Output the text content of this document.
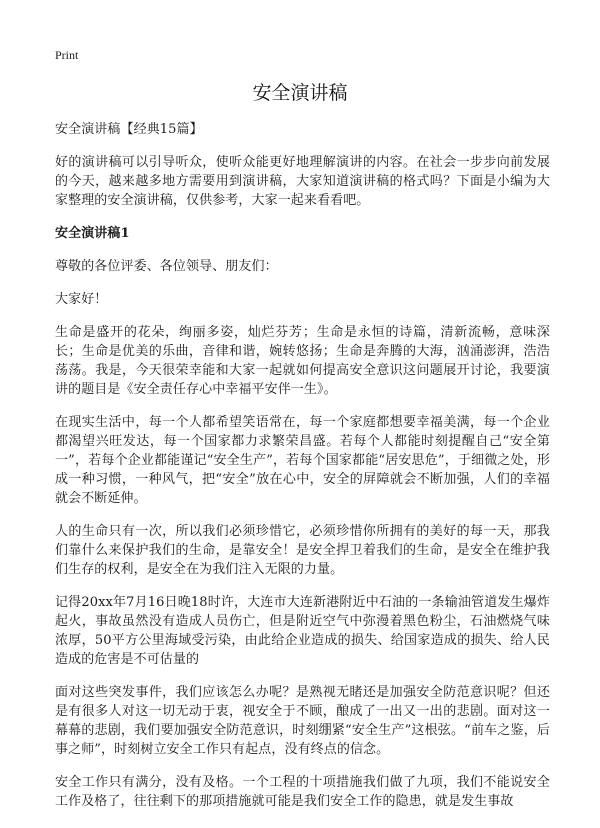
Print
安全演讲稿

安全演讲稿【经典15篇】

好的演讲稿可以引导听众，使听众能更好地理解演讲的内容。在社会一步步向前发展的今天，越来越多地方需要用到演讲稿，大家知道演讲稿的格式吗？下面是小编为大家整理的安全演讲稿，仅供参考，大家一起来看看吧。

安全演讲稿1

尊敬的各位评委、各位领导、朋友们：

大家好！

生命是盛开的花朵，绚丽多姿，灿烂芬芳；生命是永恒的诗篇，清新流畅，意味深长；生命是优美的乐曲，音律和谐，婉转悠扬；生命是奔腾的大海，汹涌澎湃，浩浩荡荡。我是，今天很荣幸能和大家一起就如何提高安全意识这问题展开讨论，我要演讲的题目是《安全责任存心中幸福平安伴一生》。

在现实生活中，每一个人都希望笑语常在，每一个家庭都想要幸福美满，每一个企业都渴望兴旺发达，每一个国家都力求繁荣昌盛。若每个人都能时刻提醒自己“安全第一”，若每个企业都能谨记“安全生产”，若每个国家都能“居安思危”，于细微之处，形成一种习惯，一种风气，把“安全”放在心中，安全的屏障就会不断加强，人们的幸福就会不断延伸。

人的生命只有一次，所以我们必须珍惜它，必须珍惜你所拥有的美好的每一天，那我们靠什么来保护我们的生命，是靠安全！是安全捍卫着我们的生命，是安全在维护我们生存的权利，是安全在为我们注入无限的力量。

记得20xx年7月16日晚18时许，大连市大连新港附近中石油的一条输油管道发生爆炸起火，事故虽然没有造成人员伤亡，但是附近空气中弥漫着黑色粉尘，石油燃烧气味浓厚，50平方公里海域受污染，由此给企业造成的损失、给国家造成的损失、给人民造成的危害是不可估量的

面对这些突发事件，我们应该怎么办呢？是熟视无睹还是加强安全防范意识呢？但还是有很多人对这一切无动于衷，视安全于不顾，酿成了一出又一出的悲剧。面对这一幕幕的悲剧，我们要加强安全防范意识，时刻绷紧“安全生产”这根弦。“前车之鉴，后事之师”，时刻树立安全工作只有起点，没有终点的信念。

安全工作只有满分，没有及格。一个工程的十项措施我们做了九项，我们不能说安全工作及格了，往往剩下的那项措施就可能是我们安全工作的隐患，就是发生事故
